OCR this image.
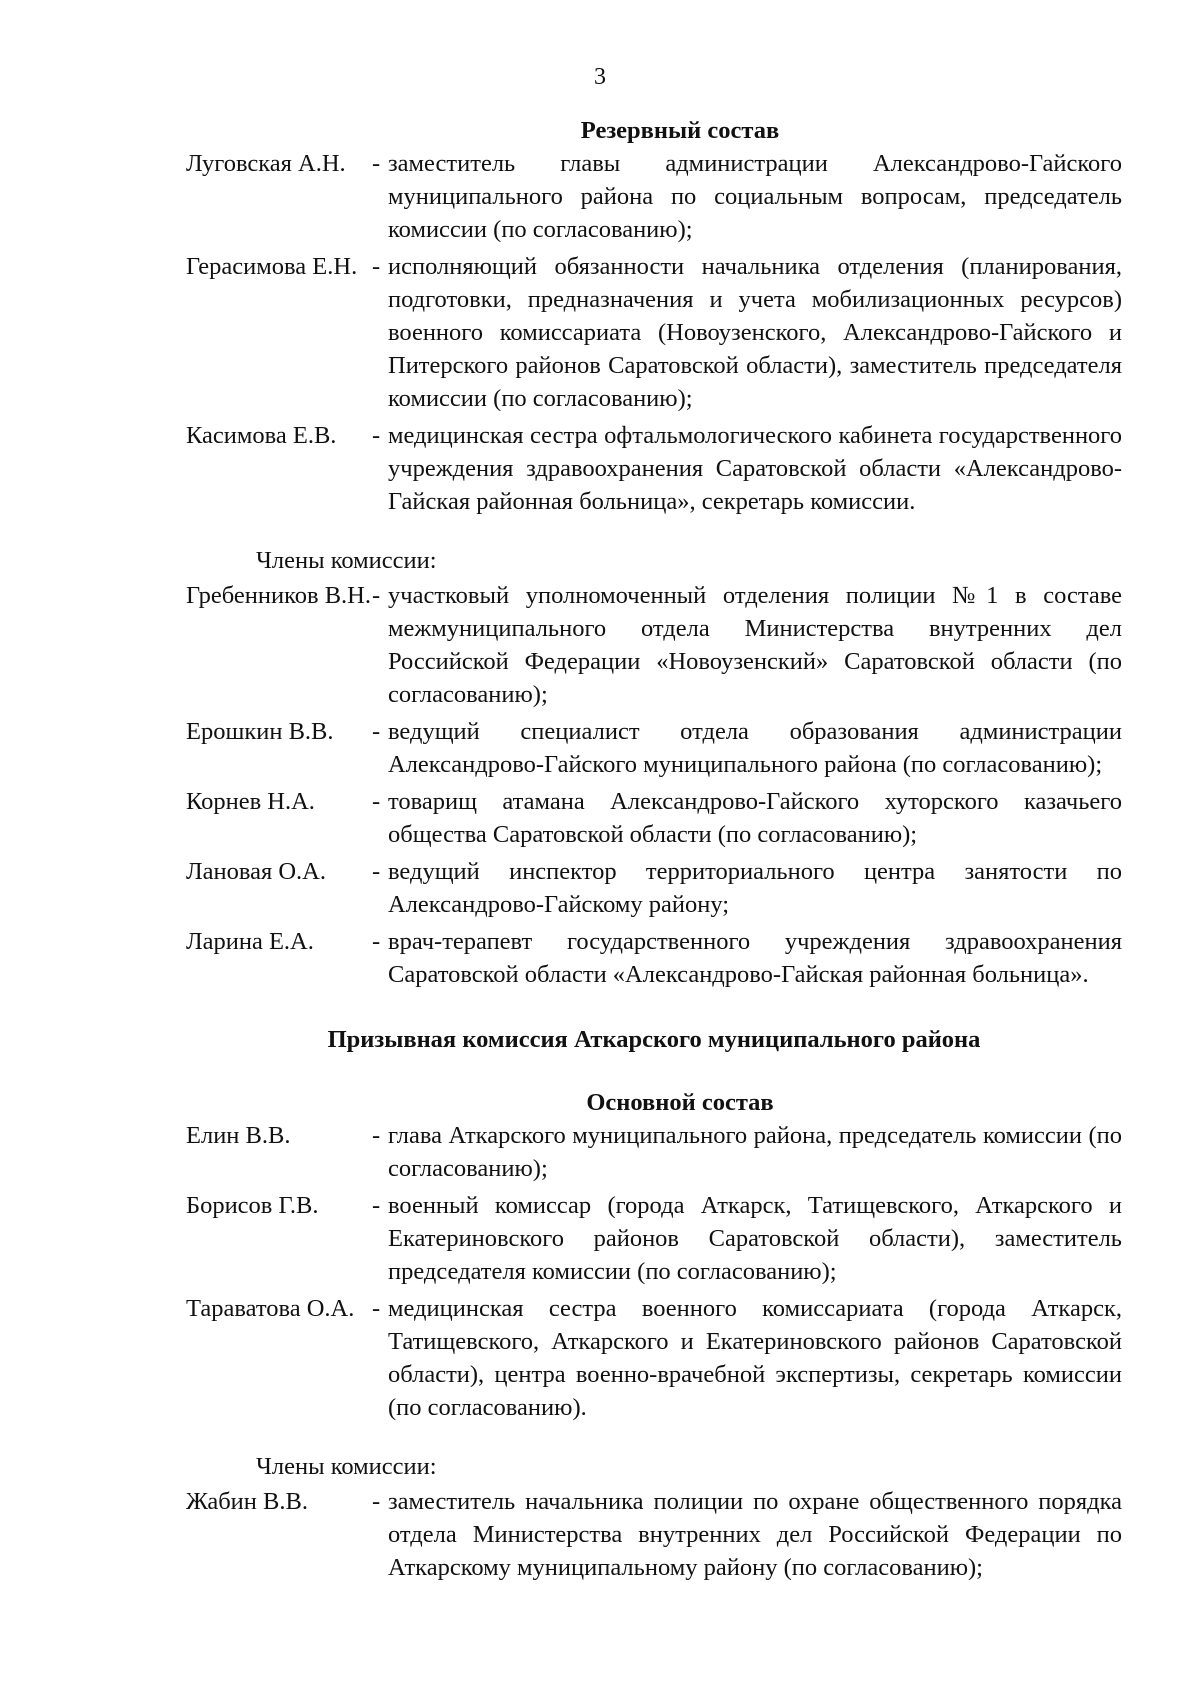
3

Резервный состав

Луговская А.Н.	- заместитель главы администрации Александрово-Гайского муниципального района по социальным вопросам, председатель комиссии (по согласованию);
Герасимова Е.Н. - исполняющий обязанности начальника отделения (планирования, подготовки, предназначения и учета мобилизационных ресурсов) военного комиссариата (Новоузенского, Александрово-Гайского и Питерского районов Саратовской области), заместитель председателя комиссии (по согласованию);
Касимова Е.В.	- медицинская сестра офтальмологического кабинета государственного учреждения здравоохранения Саратовской области «Александрово-Гайская районная больница», секретарь комиссии.

Члены комиссии:

Гребенников В.Н. - участковый уполномоченный отделения полиции №1 в составе межмуниципального отдела Министерства внутренних дел Российской Федерации «Новоузенский» Саратовской области (по согласованию);
Ерошкин В.В.	- ведущий специалист отдела образования администрации Александрово-Гайского муниципального района (по согласованию);
Корнев Н.А.	- товарищ атамана Александрово-Гайского хуторского казачьего общества Саратовской области (по согласованию);
Лановая О.А.	- ведущий инспектор территориального центра занятости по Александрово-Гайскому району;
Ларина Е.А.	- врач-терапевт государственного учреждения здравоохранения Саратовской области «Александрово-Гайская районная больница».

Призывная комиссия Аткарского муниципального района

Основной состав

Елин В.В.	- глава Аткарского муниципального района, председатель комиссии (по согласованию);
Борисов Г.В.	- военный комиссар (города Аткарск, Татищевского, Аткарского и Екатериновского районов Саратовской области), заместитель председателя комиссии (по согласованию);
Тараватова О.А. - медицинская сестра военного комиссариата (города Аткарск, Татищевского, Аткарского и Екатериновского районов Саратовской области), центра военно-врачебной экспертизы, секретарь комиссии (по согласованию).

Члены комиссии:

Жабин В.В.	- заместитель начальника полиции по охране общественного порядка отдела Министерства внутренних дел Российской Федерации по Аткарскому муниципальному району (по согласованию);
